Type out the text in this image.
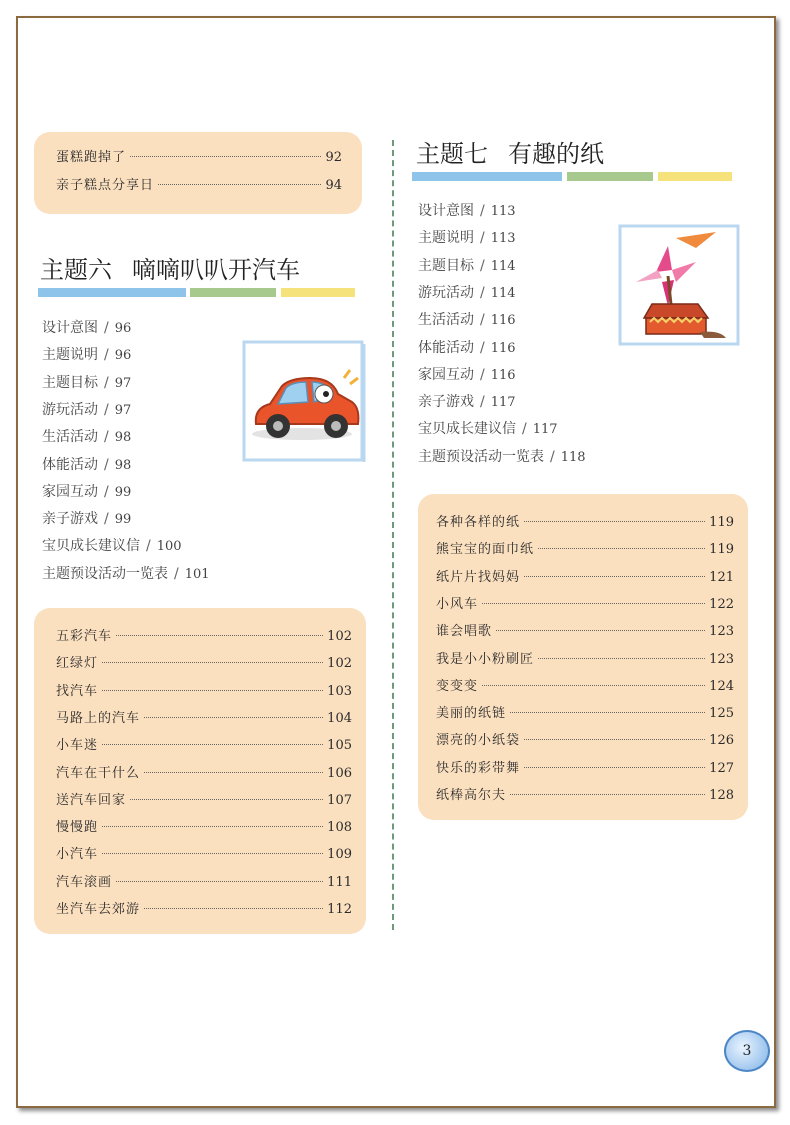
蛋糕跑掉了	92
亲子糕点分享日	94
主题六 嘀嘀叭叭开汽车
设计意图 / 96
主题说明 / 96
主题目标 / 97
游玩活动 / 97
生活活动 / 98
体能活动 / 98
家园互动 / 99
亲子游戏 / 99
宝贝成长建议信 / 100
主题预设活动一览表 / 101
五彩汽车	102
红绿灯	102
找汽车	103
马路上的汽车	104
小车迷	105
汽车在干什么	106
送汽车回家	107
慢慢跑	108
小汽车	109
汽车滚画	111
坐汽车去郊游	112
主题七 有趣的纸
设计意图 / 113
主题说明 / 113
主题目标 / 114
游玩活动 / 114
生活活动 / 116
体能活动 / 116
家园互动 / 116
亲子游戏 / 117
宝贝成长建议信 / 117
主题预设活动一览表 / 118
各种各样的纸	119
熊宝宝的面巾纸	119
纸片片找妈妈	121
小风车	122
谁会唱歌	123
我是小小粉刷匠	123
变变变	124
美丽的纸链	125
漂亮的小纸袋	126
快乐的彩带舞	127
纸棒高尔夫	128
3
